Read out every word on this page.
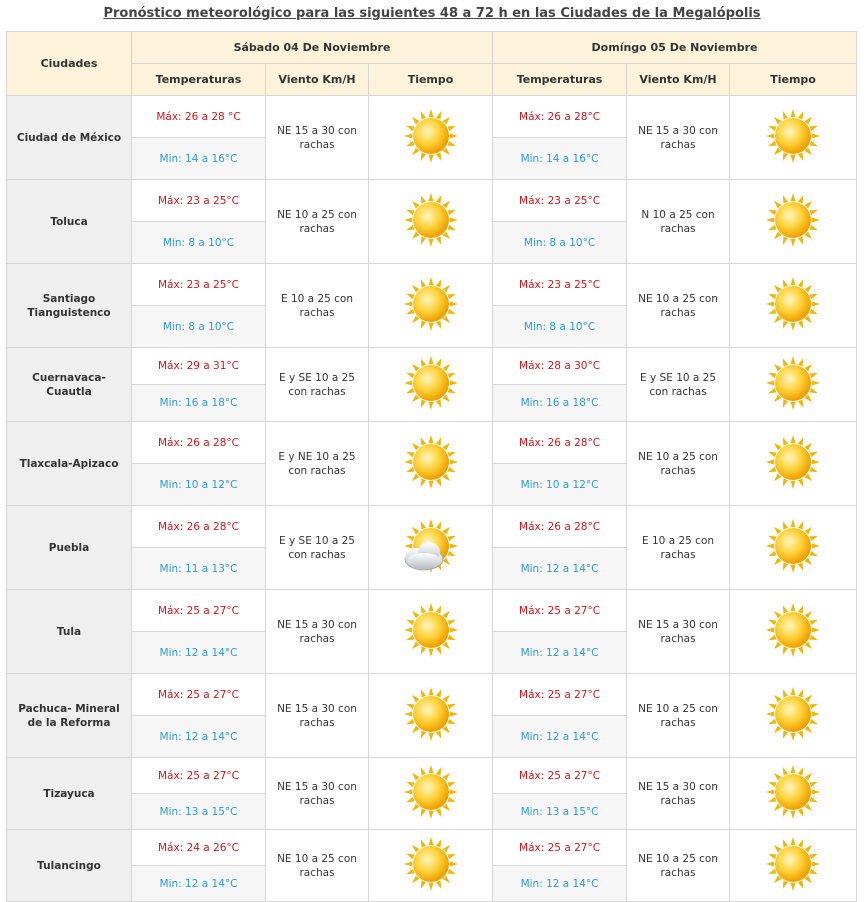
Pronóstico meteorológico para las siguientes 48 a 72 h en las Ciudades de la Megalópolis
Ciudades	Sábado 04 De Noviembre			Domíngo 05 De Noviembre		
	Temperaturas	Viento Km/H	Tiempo	Temperaturas	Viento Km/H	Tiempo
Ciudad de México	Máx: 26 a 28 °C	NE 15 a 30 con rachas		Máx: 26 a 28°C	NE 15 a 30 con rachas	
	Min: 14 a 16°C			Min: 14 a 16°C		
Toluca	Máx: 23 a 25°C	NE 10 a 25 con rachas		Máx: 23 a 25°C	N 10 a 25 con rachas	
	Min: 8 a 10°C			Min: 8 a 10°C		
Santiago Tianguistenco	Máx: 23 a 25°C	E 10 a 25 con rachas		Máx: 23 a 25°C	NE 10 a 25 con rachas	
	Min: 8 a 10°C			Min: 8 a 10°C		
Cuernavaca-Cuautla	Máx: 29 a 31°C	E y SE 10 a 25 con rachas		Máx: 28 a 30°C	E y SE 10 a 25 con rachas	
	Min: 16 a 18°C			Min: 16 a 18°C		
Tlaxcala-Apizaco	Máx: 26 a 28°C	E y NE 10 a 25 con rachas		Máx: 26 a 28°C	NE 10 a 25 con rachas	
	Min: 10 a 12°C			Min: 10 a 12°C		
Puebla	Máx: 26 a 28°C	E y SE 10 a 25 con rachas		Máx: 26 a 28°C	E 10 a 25 con rachas	
	Min: 11 a 13°C			Min: 12 a 14°C		
Tula	Máx: 25 a 27°C	NE 15 a 30 con rachas		Máx: 25 a 27°C	NE 15 a 30 con rachas	
	Min: 12 a 14°C			Min: 12 a 14°C		
Pachuca- Mineral de la Reforma	Máx: 25 a 27°C	NE 15 a 30 con rachas		Máx: 25 a 27°C	NE 10 a 25 con rachas	
	Min: 12 a 14°C			Min: 12 a 14°C		
Tizayuca	Máx: 25 a 27°C	NE 15 a 30 con rachas		Máx: 25 a 27°C	NE 15 a 30 con rachas	
	Min: 13 a 15°C			Min: 13 a 15°C		
Tulancingo	Máx: 24 a 26°C	NE 10 a 25 con rachas		Máx: 25 a 27°C	NE 10 a 25 con rachas	
	Min: 12 a 14°C			Min: 12 a 14°C		
